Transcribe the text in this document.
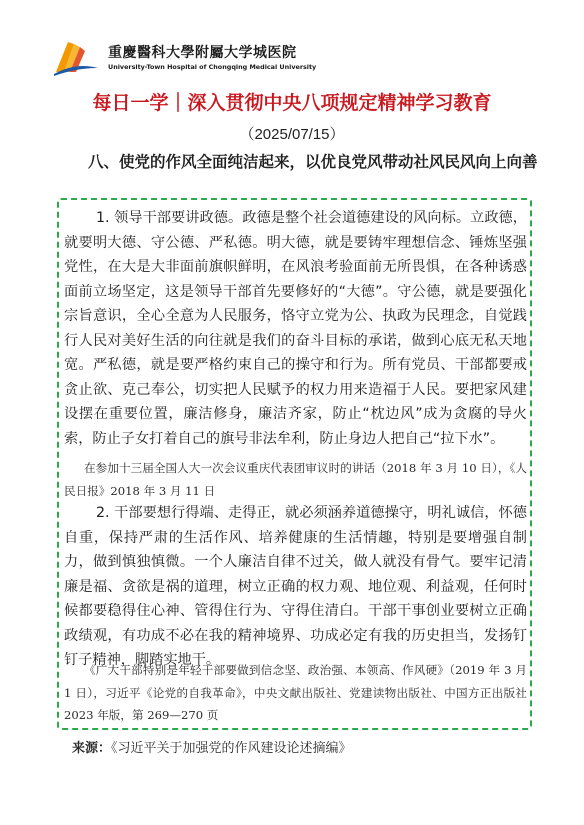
重慶醫科大學附屬大学城医院
University-Town Hospital of Chongqing Medical University
每日一学｜深入贯彻中央八项规定精神学习教育
（2025/07/15）
八、使党的作风全面纯洁起来，以优良党风带动社风民风向上向善

1. 领导干部要讲政德。政德是整个社会道德建设的风向标。立政德，就要明大德、守公德、严私德。明大德，就是要铸牢理想信念、锤炼坚强党性，在大是大非面前旗帜鲜明，在风浪考验面前无所畏惧，在各种诱惑面前立场坚定，这是领导干部首先要修好的“大德”。守公德，就是要强化宗旨意识，全心全意为人民服务，恪守立党为公、执政为民理念，自觉践行人民对美好生活的向往就是我们的奋斗目标的承诺，做到心底无私天地宽。严私德，就是要严格约束自己的操守和行为。所有党员、干部都要戒贪止欲、克己奉公，切实把人民赋予的权力用来造福于人民。要把家风建设摆在重要位置，廉洁修身，廉洁齐家，防止“枕边风”成为贪腐的导火索，防止子女打着自己的旗号非法牟利，防止身边人把自己“拉下水”。

在参加十三届全国人大一次会议重庆代表团审议时的讲话（2018 年 3 月 10 日），《人民日报》2018 年 3 月 11 日

2. 干部要想行得端、走得正，就必须涵养道德操守，明礼诚信，怀德自重，保持严肃的生活作风、培养健康的生活情趣，特别是要增强自制力，做到慎独慎微。一个人廉洁自律不过关，做人就没有骨气。要牢记清廉是福、贪欲是祸的道理，树立正确的权力观、地位观、利益观，任何时候都要稳得住心神、管得住行为、守得住清白。干部干事创业要树立正确政绩观，有功成不必在我的精神境界、功成必定有我的历史担当，发扬钉钉子精神，脚踏实地干。

《广大干部特别是年轻干部要做到信念坚、政治强、本领高、作风硬》（2019 年 3 月 1 日），习近平《论党的自我革命》，中央文献出版社、党建读物出版社、中国方正出版社 2023 年版，第 269—270 页

来源：《习近平关于加强党的作风建设论述摘编》
